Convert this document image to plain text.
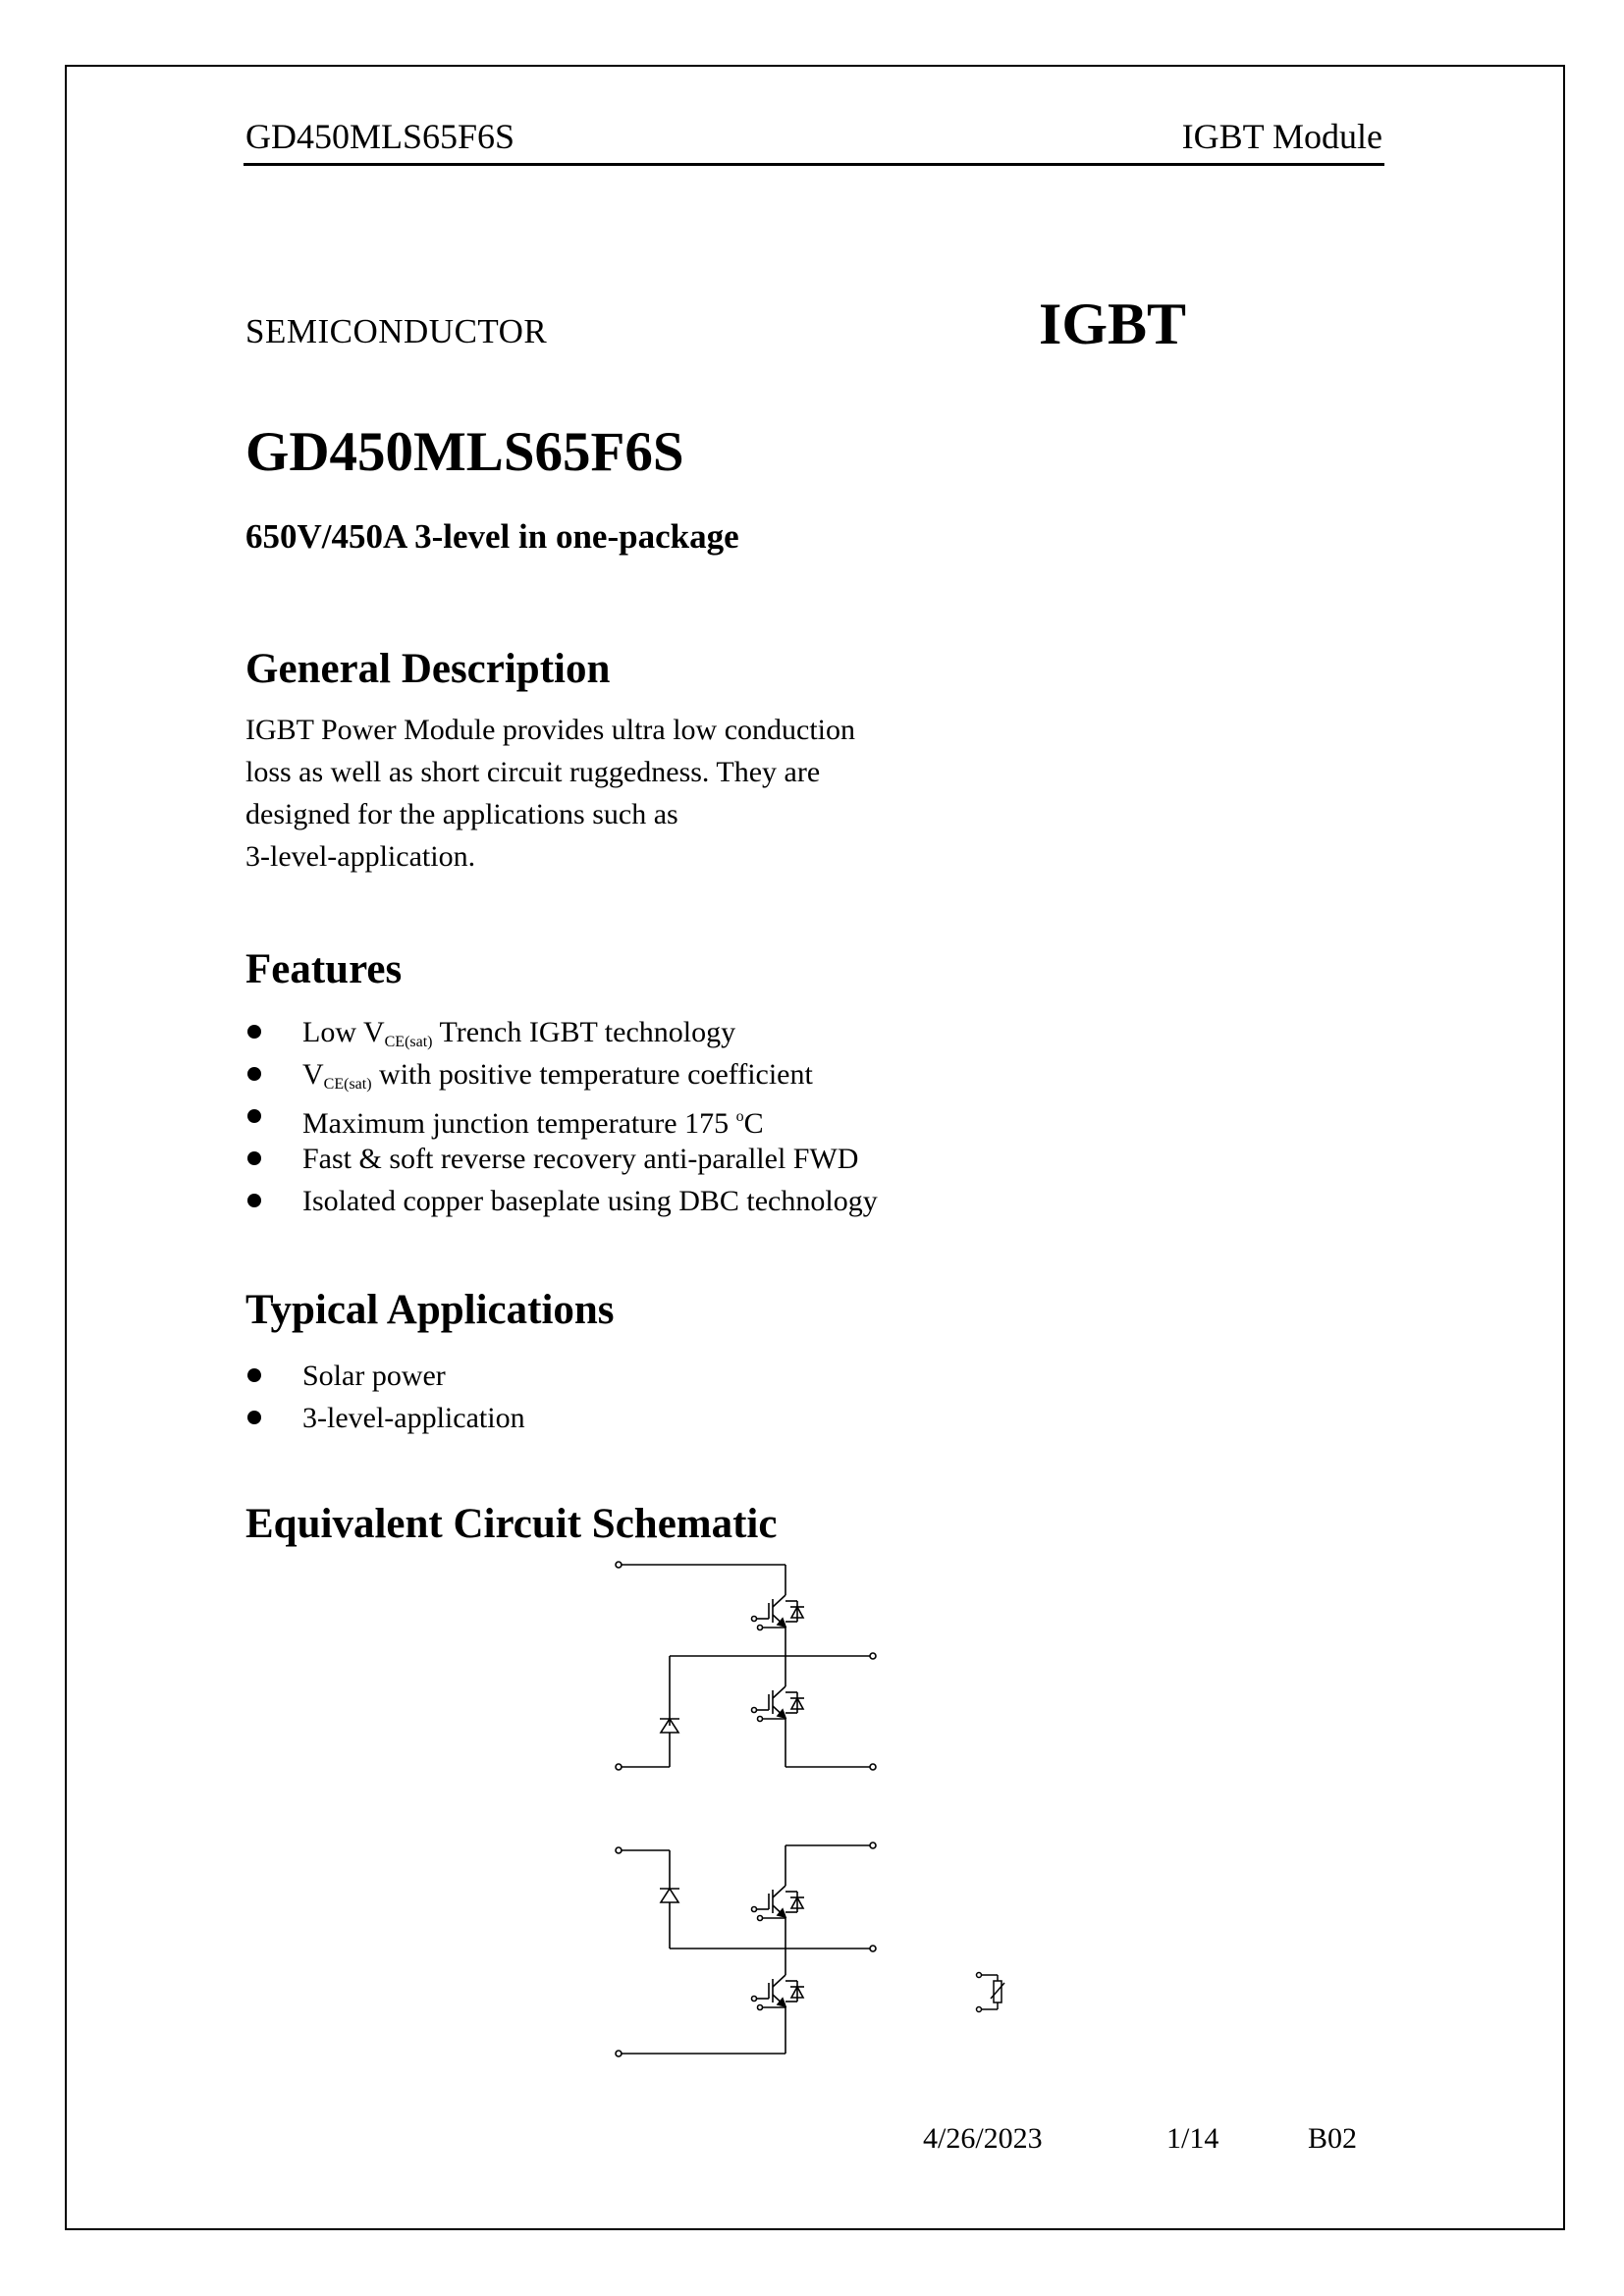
GD450MLS65F6S	IGBT Module
SEMICONDUCTOR	IGBT
GD450MLS65F6S
650V/450A 3-level in one-package
General Description
IGBT Power Module provides ultra low conduction
loss as well as short circuit ruggedness. They are
designed for the applications such as
3-level-application.
Features
Low $V_{CE(sat)}$ Trench IGBT technology
$V_{CE(sat)}$ with positive temperature coefficient
Maximum junction temperature 175 $^o$C
Fast & soft reverse recovery anti-parallel FWD
Isolated copper baseplate using DBC technology
Typical Applications
Solar power
3-level-application
Equivalent Circuit Schematic
4/26/2023	1/14	B02
